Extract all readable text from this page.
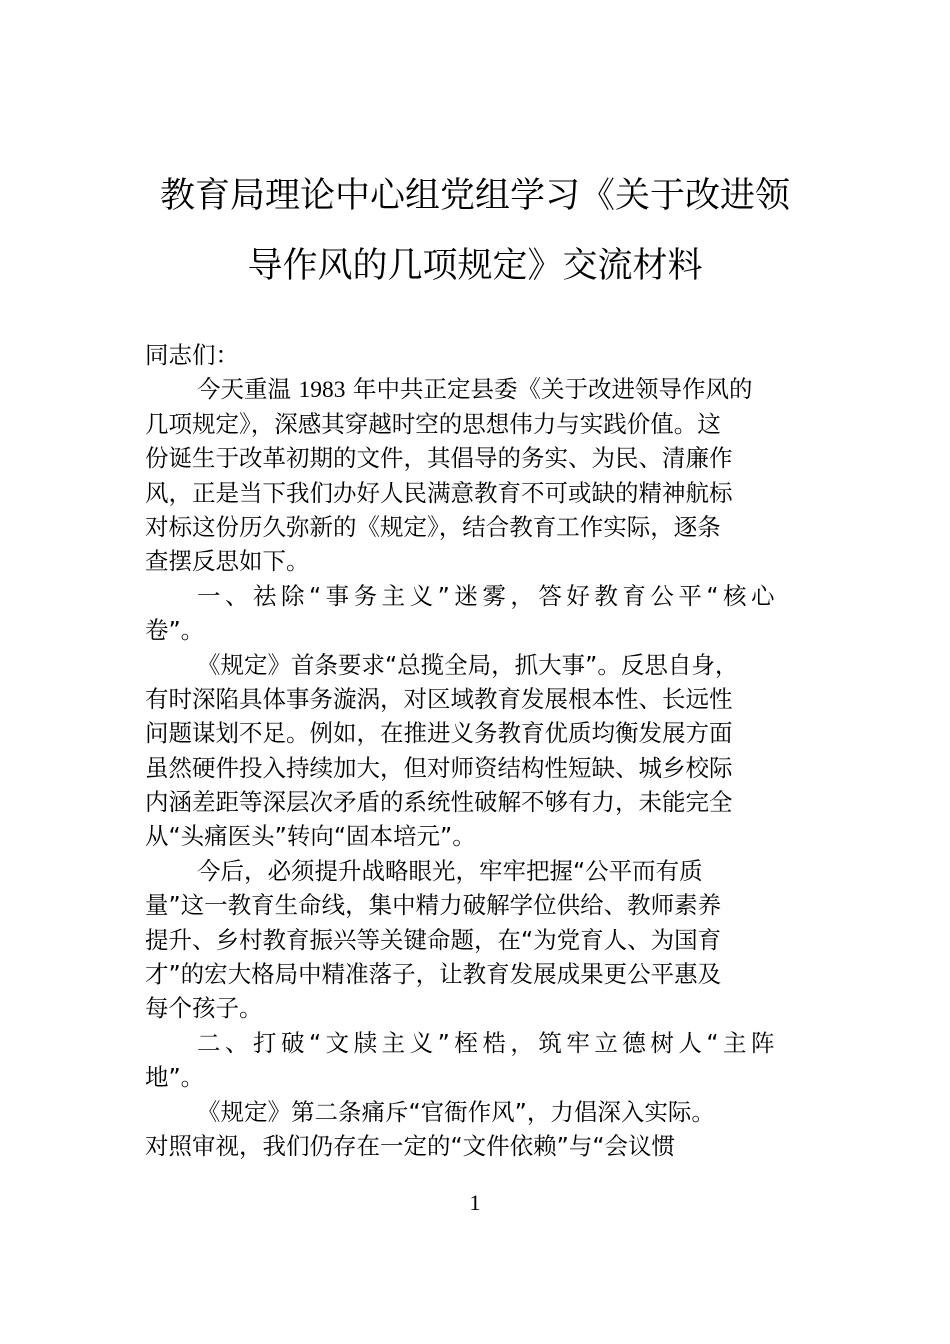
教育局理论中心组党组学习《关于改进领
导作风的几项规定》交流材料
同志们：
今天重温 1983 年中共正定县委《关于改进领导作风的
几项规定》，深感其穿越时空的思想伟力与实践价值。这
份诞生于改革初期的文件，其倡导的务实、为民、清廉作
风，正是当下我们办好人民满意教育不可或缺的精神航标
对标这份历久弥新的《规定》，结合教育工作实际，逐条
查摆反思如下。
一、祛除“事务主义”迷雾，答好教育公平“核心
卷”。
《规定》首条要求“总揽全局，抓大事”。反思自身，
有时深陷具体事务漩涡，对区域教育发展根本性、长远性
问题谋划不足。例如，在推进义务教育优质均衡发展方面
虽然硬件投入持续加大，但对师资结构性短缺、城乡校际
内涵差距等深层次矛盾的系统性破解不够有力，未能完全
从“头痛医头”转向“固本培元”。
今后，必须提升战略眼光，牢牢把握“公平而有质
量”这一教育生命线，集中精力破解学位供给、教师素养
提升、乡村教育振兴等关键命题，在“为党育人、为国育
才”的宏大格局中精准落子，让教育发展成果更公平惠及
每个孩子。
二、打破“文牍主义”桎梏，筑牢立德树人“主阵
地”。
《规定》第二条痛斥“官衙作风”，力倡深入实际。
对照审视，我们仍存在一定的“文件依赖”与“会议惯
1
